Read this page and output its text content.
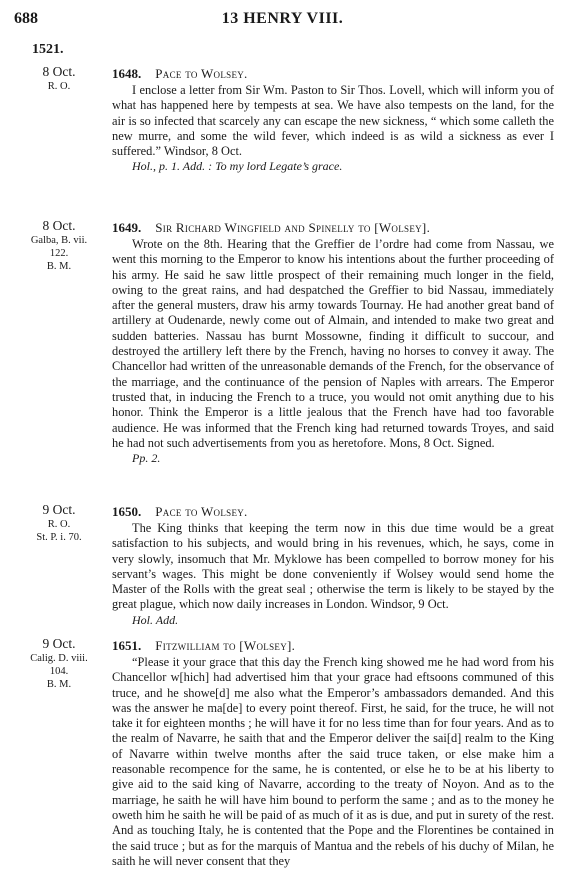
688	13 HENRY VIII.
1521.
8 Oct.
R. O.
1648. Pace to Wolsey.

I enclose a letter from Sir Wm. Paston to Sir Thos. Lovell, which will inform you of what has happened here by tempests at sea. We have also tempests on the land, for the air is so infected that scarcely any can escape the new sickness, “ which some calleth the new murre, and some the wild fever, which indeed is as wild a sickness as ever I suffered.” Windsor, 8 Oct.

Hol., p. 1. Add. : To my lord Legate’s grace.
8 Oct.
Galba, B. vii.
122.
B. M.
1649. Sir Richard Wingfield and Spinelly to [Wolsey].

Wrote on the 8th. Hearing that the Greffier de l’ordre had come from Nassau, we went this morning to the Emperor to know his intentions about the further proceeding of his army. He said he saw little prospect of their remaining much longer in the field, owing to the great rains, and had despatched the Greffier to bid Nassau, immediately after the general musters, draw his army towards Tournay. He had another great band of artillery at Oudenarde, newly come out of Almain, and intended to make two great and sudden batteries. Nassau has burnt Mossowne, finding it difficult to succour, and destroyed the artillery left there by the French, having no horses to convey it away. The Chancellor had written of the unreasonable demands of the French, for the observance of the marriage, and the continuance of the pension of Naples with arrears. The Emperor trusted that, in inducing the French to a truce, you would not omit anything due to his honor. Think the Emperor is a little jealous that the French have had too favorable audience. He was informed that the French king had returned towards Troyes, and said he had not such advertisements from you as heretofore. Mons, 8 Oct. Signed.

Pp. 2.
9 Oct.
R. O.
St. P. i. 70.
1650. Pace to Wolsey.

The King thinks that keeping the term now in this due time would be a great satisfaction to his subjects, and would bring in his revenues, which, he says, come in very slowly, insomuch that Mr. Myklowe has been compelled to borrow money for his servant’s wages. This might be done conveniently if Wolsey would send home the Master of the Rolls with the great seal ; otherwise the term is likely to be stayed by the great plague, which now daily increases in London. Windsor, 9 Oct.

Hol. Add.
9 Oct.
Calig. D. viii.
104.
B. M.
1651. Fitzwilliam to [Wolsey].

“Please it your grace that this day the French king showed me he had word from his Chancellor w[hich] had advertised him that your grace had eftsoons communed of this truce, and he showe[d] me also what the Emperor’s ambassadors demanded. And this was the answer he ma[de] to every point thereof. First, he said, for the truce, he will not take it for eighteen months ; he will have it for no less time than for four years. And as to the realm of Navarre, he saith that and the Emperor deliver the sai[d] realm to the King of Navarre within twelve months after the said truce taken, or else make him a reasonable recompence for the same, he is contented, or else he to be at his liberty to give aid to the said king of Navarre, according to the treaty of Noyon. And as to the marriage, he saith he will have him bound to perform the same ; and as to the money he oweth him he saith he will be paid of as much of it as is due, and put in surety of the rest. And as touching Italy, he is contented that the Pope and the Florentines be contained in the said truce ; but as for the marquis of Mantua and the rebels of his duchy of Milan, he saith he will never consent that they
